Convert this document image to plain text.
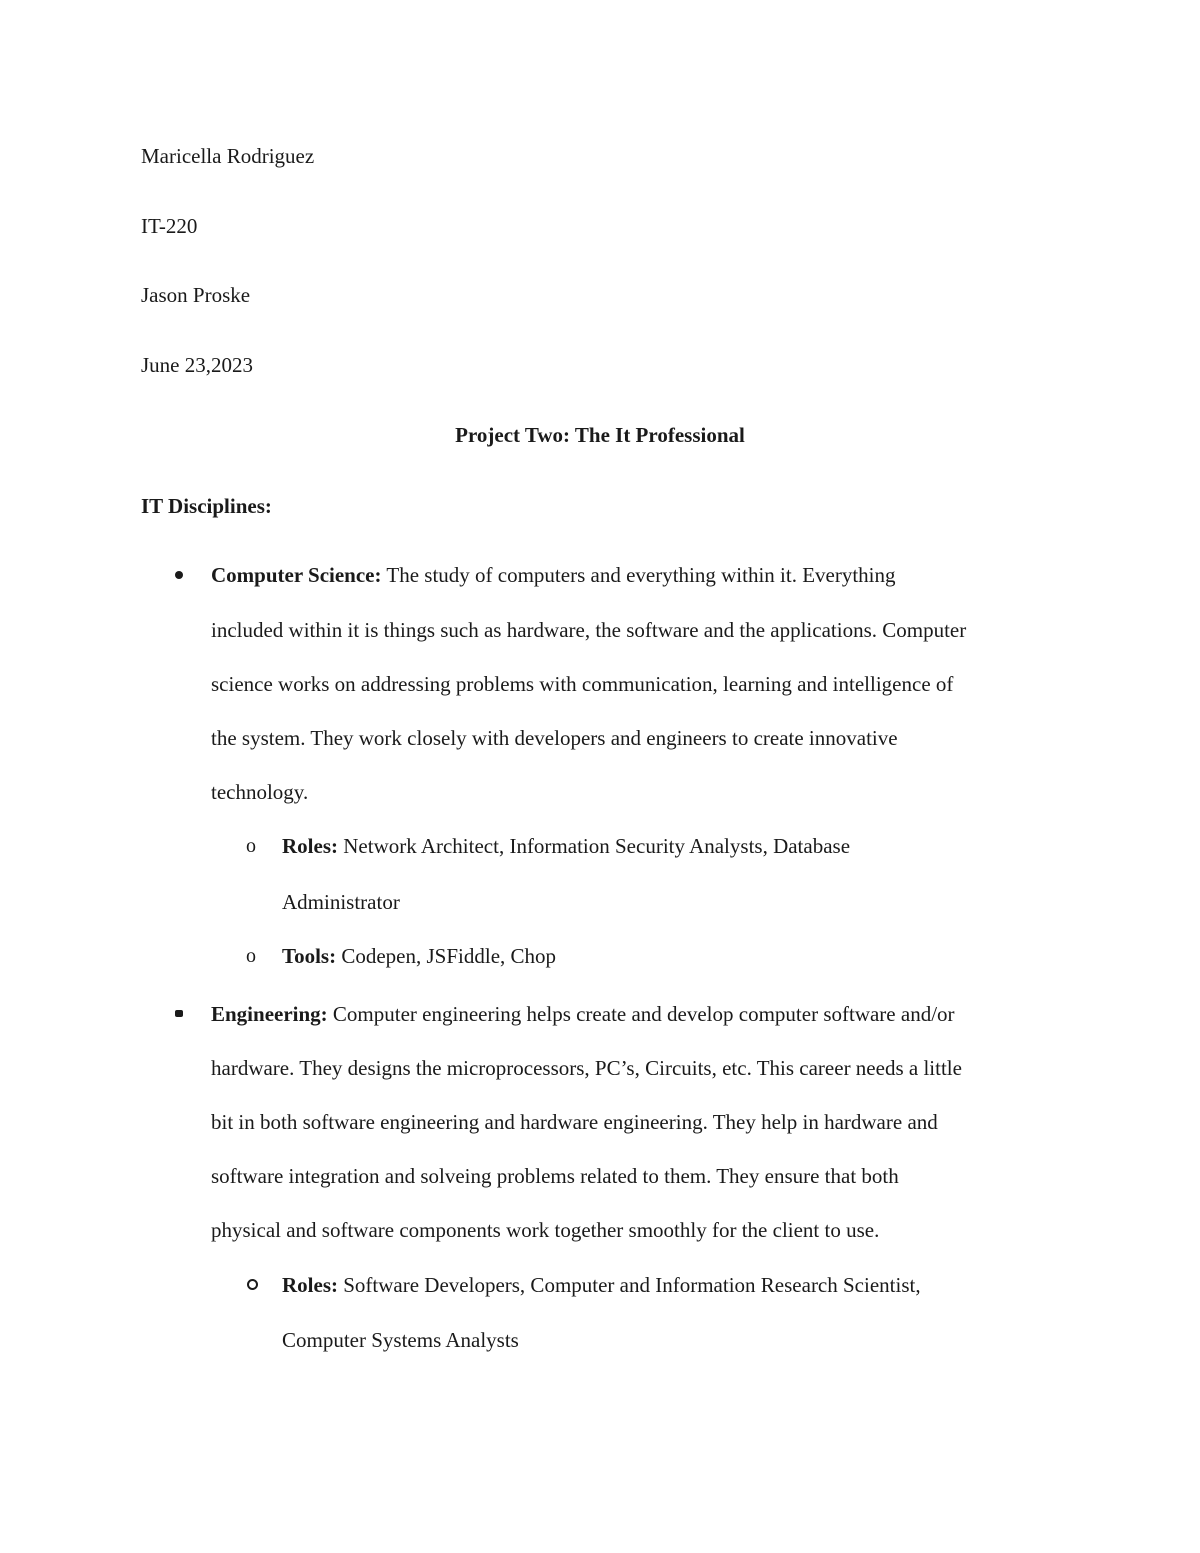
Maricella Rodriguez
IT-220
Jason Proske
June 23,2023
Project Two: The It Professional
IT Disciplines:
Computer Science: The study of computers and everything within it. Everything
included within it is things such as hardware, the software and the applications. Computer
science works on addressing problems with communication, learning and intelligence of
the system. They work closely with developers and engineers to create innovative
technology.
o Roles: Network Architect, Information Security Analysts, Database
Administrator
o Tools: Codepen, JSFiddle, Chop
Engineering: Computer engineering helps create and develop computer software and/or
hardware. They designs the microprocessors, PC’s, Circuits, etc. This career needs a little
bit in both software engineering and hardware engineering. They help in hardware and
software integration and solveing problems related to them. They ensure that both
physical and software components work together smoothly for the client to use.
Roles: Software Developers, Computer and Information Research Scientist,
Computer Systems Analysts
